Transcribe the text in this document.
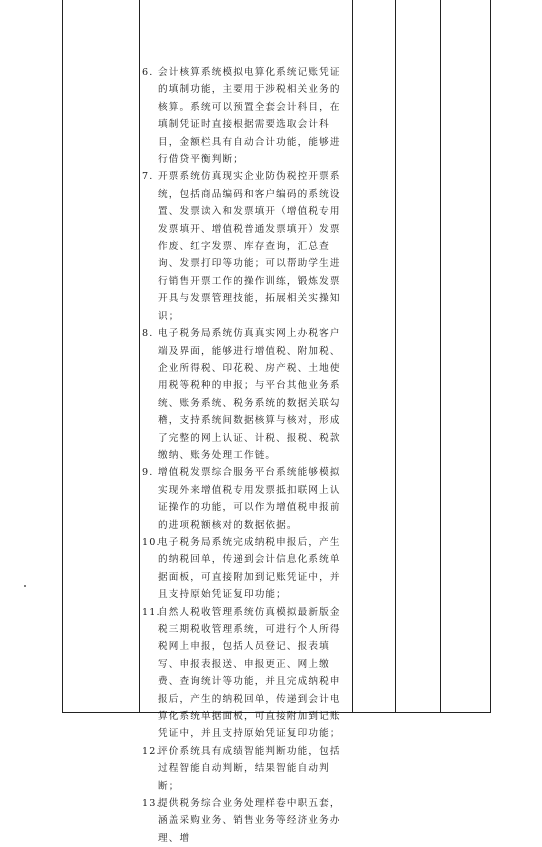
6. 会计核算系统模拟电算化系统记账凭证的填制功能，主要用于涉税相关业务的核算。系统可以预置全套会计科目，在填制凭证时直接根据需要选取会计科目，金额栏具有自动合计功能，能够进行借贷平衡判断；
7. 开票系统仿真现实企业防伪税控开票系统，包括商品编码和客户编码的系统设置、发票读入和发票填开（增值税专用发票填开、增值税普通发票填开）发票作废、红字发票、库存查询，汇总查询、发票打印等功能；可以帮助学生进行销售开票工作的操作训练，锻炼发票开具与发票管理技能，拓展相关实操知识；
8. 电子税务局系统仿真真实网上办税客户端及界面，能够进行增值税、附加税、企业所得税、印花税、房产税、土地使用税等税种的申报；与平台其他业务系统、账务系统、税务系统的数据关联勾稽，支持系统间数据核算与核对，形成了完整的网上认证、计税、报税、税款缴纳、账务处理工作链。
9. 增值税发票综合服务平台系统能够模拟实现外来增值税专用发票抵扣联网上认证操作的功能，可以作为增值税申报前的进项税额核对的数据依据。
10.
电子税务局系统完成纳税申报后，产生的纳税回单，传递到会计信息化系统单据面板，可直接附加到记账凭证中，并且支持原始凭证复印功能；
11.
自然人税收管理系统仿真模拟最新版金税三期税收管理系统，可进行个人所得税网上申报，包括人员登记、报表填写、申报表报送、申报更正、网上缴费、查询统计等功能，并且完成纳税申报后，产生的纳税回单，传递到会计电算化系统单据面板，可直接附加到记账凭证中，并且支持原始凭证复印功能；
12.
评价系统具有成绩智能判断功能，包括过程智能自动判断，结果智能自动判断；
13.
提供税务综合业务处理样卷中职五套，涵盖采购业务、销售业务等经济业务办理、增
